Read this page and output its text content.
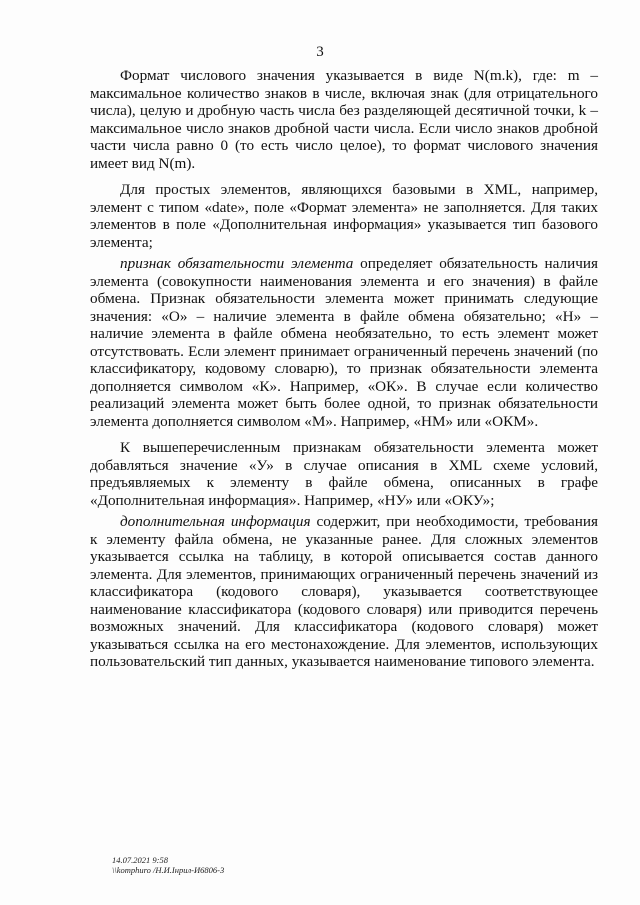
3

Формат числового значения указывается в виде N(m.k), где: m – максимальное количество знаков в числе, включая знак (для отрицательного числа), целую и дробную часть числа без разделяющей десятичной точки, k – максимальное число знаков дробной части числа. Если число знаков дробной части числа равно 0 (то есть число целое), то формат числового значения имеет вид N(m).

Для простых элементов, являющихся базовыми в XML, например, элемент с типом «date», поле «Формат элемента» не заполняется. Для таких элементов в поле «Дополнительная информация» указывается тип базового элемента;

признак обязательности элемента определяет обязательность наличия элемента (совокупности наименования элемента и его значения) в файле обмена. Признак обязательности элемента может принимать следующие значения: «О» – наличие элемента в файле обмена обязательно; «Н» – наличие элемента в файле обмена необязательно, то есть элемент может отсутствовать. Если элемент принимает ограниченный перечень значений (по классификатору, кодовому словарю), то признак обязательности элемента дополняется символом «К». Например, «ОК». В случае если количество реализаций элемента может быть более одной, то признак обязательности элемента дополняется символом «М». Например, «НМ» или «ОКМ».

К вышеперечисленным признакам обязательности элемента может добавляться значение «У» в случае описания в XML схеме условий, предъявляемых к элементу в файле обмена, описанных в графе «Дополнительная информация». Например, «НУ» или «ОКУ»;

дополнительная информация содержит, при необходимости, требования к элементу файла обмена, не указанные ранее. Для сложных элементов указывается ссылка на таблицу, в которой описывается состав данного элемента. Для элементов, принимающих ограниченный перечень значений из классификатора (кодового словаря), указывается соответствующее наименование классификатора (кодового словаря) или приводится перечень возможных значений. Для классификатора (кодового словаря) может указываться ссылка на его местонахождение. Для элементов, использующих пользовательский тип данных, указывается наименование типового элемента.

14.07.2021 9:58
\\komphuro /Н.И.Інрил-И6806-3
